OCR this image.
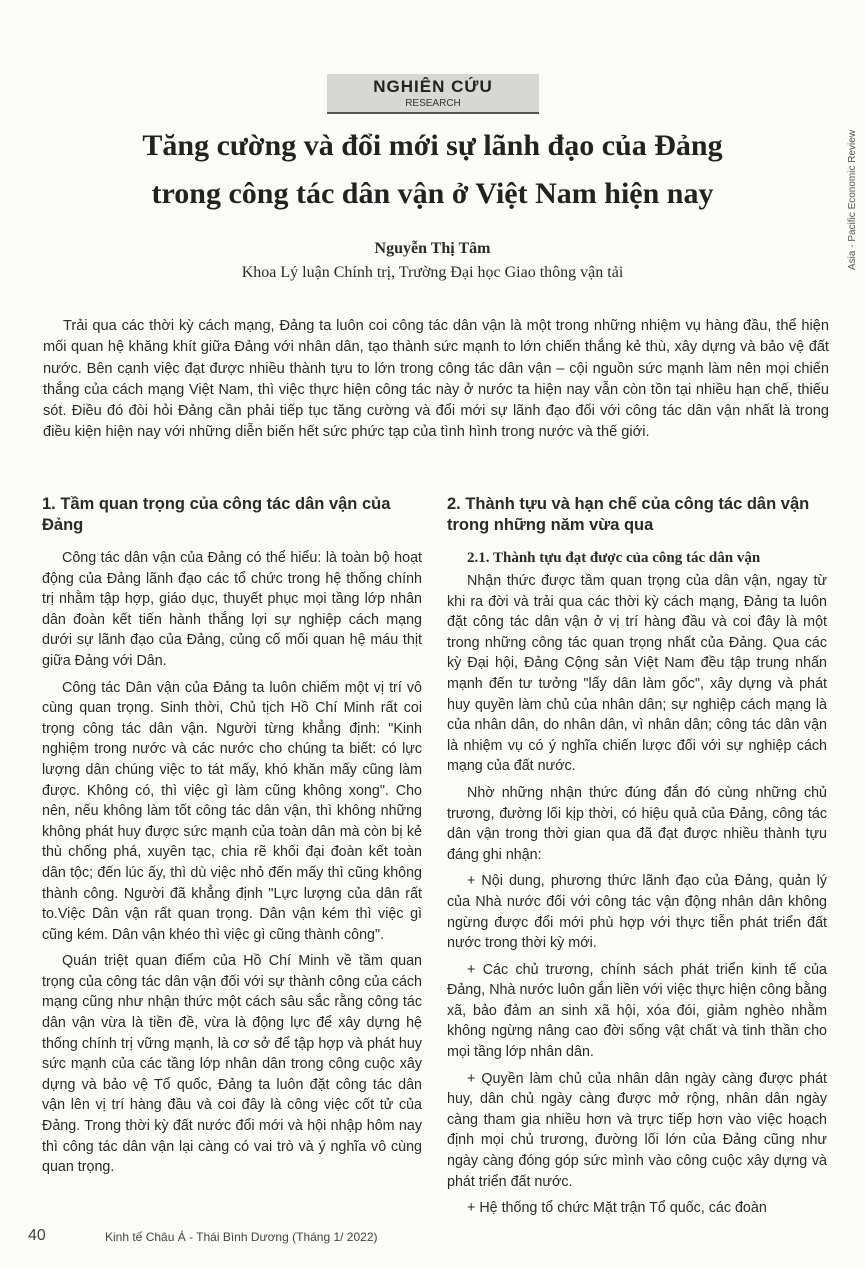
NGHIÊN CỨU
RESEARCH
Asia - Pacific Economic Review
Tăng cường và đổi mới sự lãnh đạo của Đảng
trong công tác dân vận ở Việt Nam hiện nay
Nguyễn Thị Tâm
Khoa Lý luận Chính trị, Trường Đại học Giao thông vận tải

Trải qua các thời kỳ cách mạng, Đảng ta luôn coi công tác dân vận là một trong những nhiệm vụ hàng đầu, thể hiện mối quan hệ khăng khít giữa Đảng với nhân dân, tạo thành sức mạnh to lớn chiến thắng kẻ thù, xây dựng và bảo vệ đất nước. Bên cạnh việc đạt được nhiều thành tựu to lớn trong công tác dân vận – cội nguồn sức mạnh làm nên mọi chiến thắng của cách mạng Việt Nam, thì việc thực hiện công tác này ở nước ta hiện nay vẫn còn tồn tại nhiều hạn chế, thiếu sót. Điều đó đòi hỏi Đảng cần phải tiếp tục tăng cường và đổi mới sự lãnh đạo đối với công tác dân vận nhất là trong điều kiện hiện nay với những diễn biến hết sức phức tạp của tình hình trong nước và thế giới.

1. Tầm quan trọng của công tác dân vận của Đảng

Công tác dân vận của Đảng có thể hiểu: là toàn bộ hoạt động của Đảng lãnh đạo các tổ chức trong hệ thống chính trị nhằm tập hợp, giáo dục, thuyết phục mọi tầng lớp nhân dân đoàn kết tiến hành thắng lợi sự nghiệp cách mạng dưới sự lãnh đạo của Đảng, củng cố mối quan hệ máu thịt giữa Đảng với Dân.

Công tác Dân vận của Đảng ta luôn chiếm một vị trí vô cùng quan trọng. Sinh thời, Chủ tịch Hồ Chí Minh rất coi trọng công tác dân vận. Người từng khẳng định: "Kinh nghiệm trong nước và các nước cho chúng ta biết: có lực lượng dân chúng việc to tát mấy, khó khăn mấy cũng làm được. Không có, thì việc gì làm cũng không xong". Cho nên, nếu không làm tốt công tác dân vận, thì không những không phát huy được sức mạnh của toàn dân mà còn bị kẻ thù chống phá, xuyên tạc, chia rẽ khối đại đoàn kết toàn dân tộc; đến lúc ấy, thì dù việc nhỏ đến mấy thì cũng không thành công. Người đã khẳng định "Lực lượng của dân rất to.Việc Dân vận rất quan trọng. Dân vận kém thì việc gì cũng kém. Dân vận khéo thì việc gì cũng thành công".

Quán triệt quan điểm của Hồ Chí Minh về tầm quan trọng của công tác dân vận đối với sự thành công của cách mạng cũng như nhận thức một cách sâu sắc rằng công tác dân vận vừa là tiền đề, vừa là động lực để xây dựng hệ thống chính trị vững mạnh, là cơ sở để tập hợp và phát huy sức mạnh của các tầng lớp nhân dân trong công cuộc xây dựng và bảo vệ Tổ quốc, Đảng ta luôn đặt công tác dân vận lên vị trí hàng đầu và coi đây là công việc cốt tử của Đảng. Trong thời kỳ đất nước đổi mới và hội nhập hôm nay thì công tác dân vận lại càng có vai trò và ý nghĩa vô cùng quan trọng.

2. Thành tựu và hạn chế của công tác dân vận trong những năm vừa qua
2.1. Thành tựu đạt được của công tác dân vận

Nhận thức được tầm quan trọng của dân vận, ngay từ khi ra đời và trải qua các thời kỳ cách mạng, Đảng ta luôn đặt công tác dân vận ở vị trí hàng đầu và coi đây là một trong những công tác quan trọng nhất của Đảng. Qua các kỳ Đại hội, Đảng Cộng sản Việt Nam đều tập trung nhấn mạnh đến tư tưởng "lấy dân làm gốc", xây dựng và phát huy quyền làm chủ của nhân dân; sự nghiệp cách mạng là của nhân dân, do nhân dân, vì nhân dân; công tác dân vận là nhiệm vụ có ý nghĩa chiến lược đối với sự nghiệp cách mạng của đất nước.

Nhờ những nhận thức đúng đắn đó cùng những chủ trương, đường lối kịp thời, có hiệu quả của Đảng, công tác dân vận trong thời gian qua đã đạt được nhiều thành tựu đáng ghi nhận:

+ Nội dung, phương thức lãnh đạo của Đảng, quản lý của Nhà nước đối với công tác vận động nhân dân không ngừng được đổi mới phù hợp với thực tiễn phát triển đất nước trong thời kỳ mới.

+ Các chủ trương, chính sách phát triển kinh tế của Đảng, Nhà nước luôn gắn liền với việc thực hiện công bằng xã, bảo đảm an sinh xã hội, xóa đói, giảm nghèo nhằm không ngừng nâng cao đời sống vật chất và tinh thần cho mọi tầng lớp nhân dân.

+ Quyền làm chủ của nhân dân ngày càng được phát huy, dân chủ ngày càng được mở rộng, nhân dân ngày càng tham gia nhiều hơn và trực tiếp hơn vào việc hoạch định mọi chủ trương, đường lối lớn của Đảng cũng như ngày càng đóng góp sức mình vào công cuộc xây dựng và phát triển đất nước.

+ Hệ thống tổ chức Mặt trận Tổ quốc, các đoàn

40	Kinh tế Châu Á - Thái Bình Dương (Tháng 1/ 2022)
